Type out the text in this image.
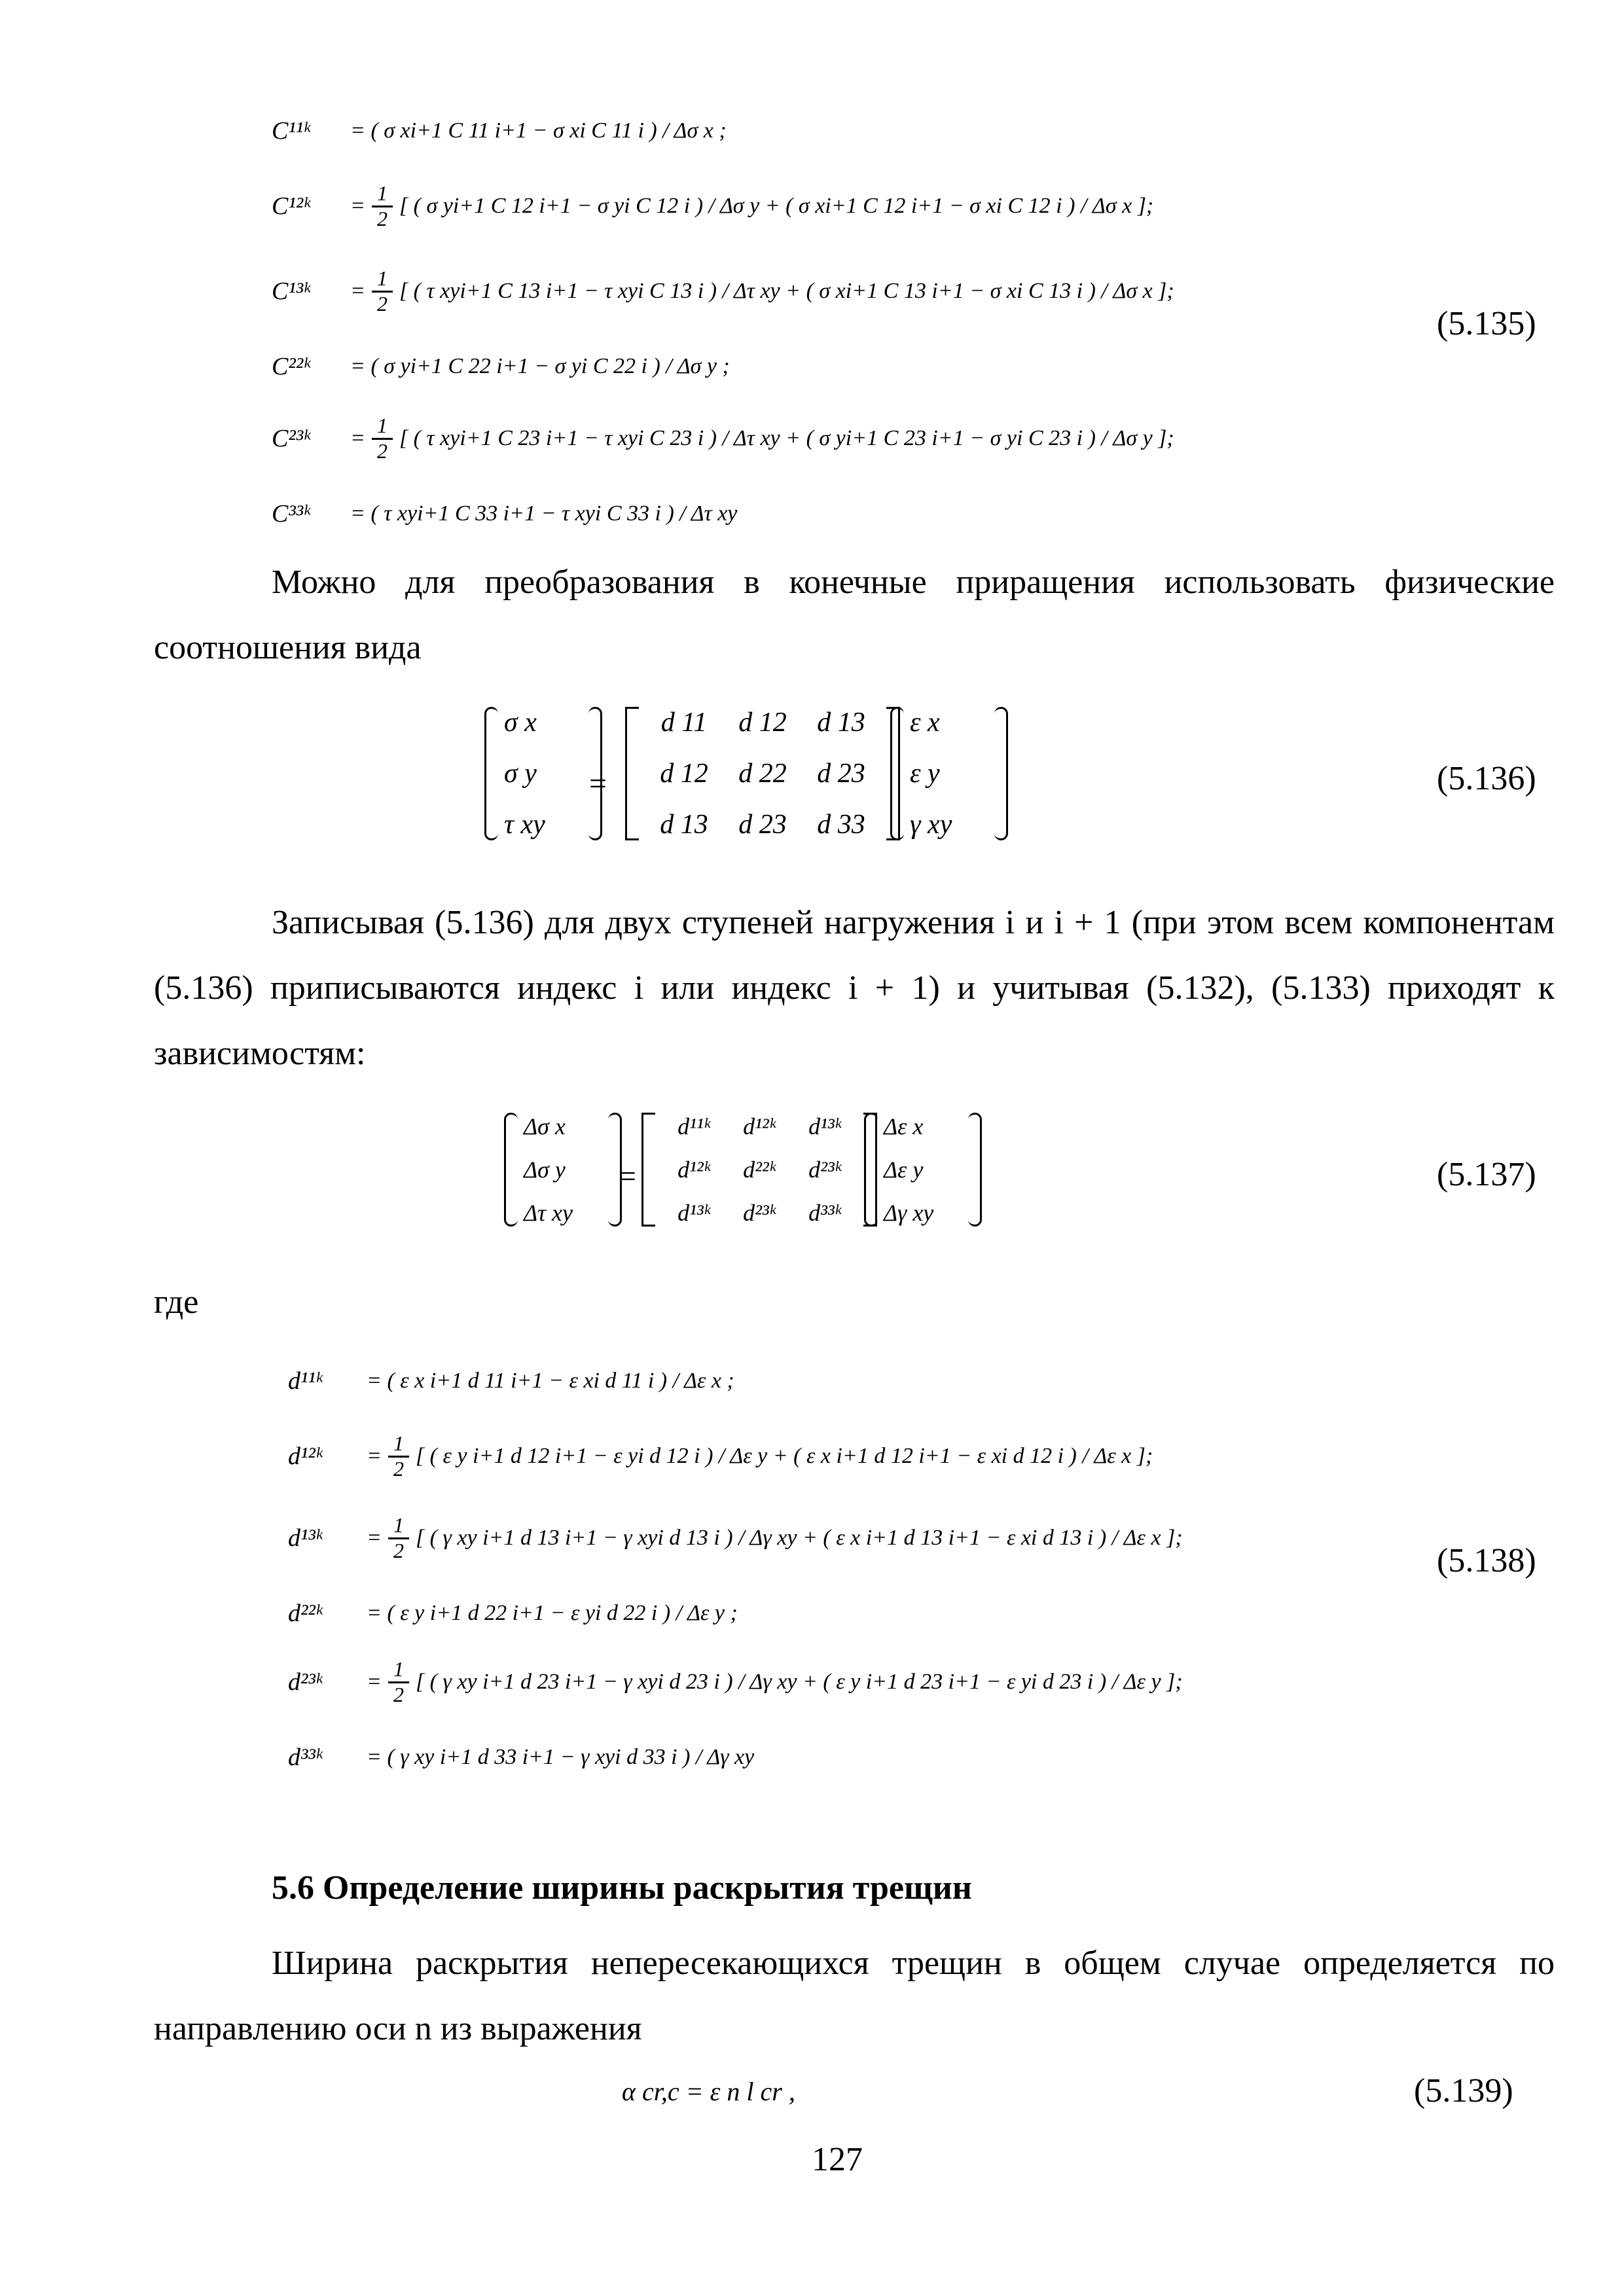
C¹¹ᵏ	= ( σ xi+1 C 11 i+1 − σ xi C 11 i ) / Δσ x ;
C¹²ᵏ	= $\frac{1}{2}$ [ ( σ yi+1 C 12 i+1 − σ yi C 12 i ) / Δσ y + ( σ xi+1 C 12 i+1 − σ xi C 12 i ) / Δσ x ];
C¹³ᵏ	= $\frac{1}{2}$ [ ( τ xyi+1 C 13 i+1 − τ xyi C 13 i ) / Δτ xy + ( σ xi+1 C 13 i+1 − σ xi C 13 i ) / Δσ x ];
C²²ᵏ	= ( σ yi+1 C 22 i+1 − σ yi C 22 i ) / Δσ y ;
C²³ᵏ	= $\frac{1}{2}$ [ ( τ xyi+1 C 23 i+1 − τ xyi C 23 i ) / Δτ xy + ( σ yi+1 C 23 i+1 − σ yi C 23 i ) / Δσ y ];
C³³ᵏ	= ( τ xyi+1 C 33 i+1 − τ xyi C 33 i ) / Δτ xy
(5.135)
Можно для преобразования в конечные приращения использовать физические соотношения вида
σ x
σ y
τ xy
=
d 11	d 12	d 13
d 12	d 22	d 23
d 13	d 23	d 33
ε x
ε y
γ xy
(5.136)
Записывая (5.136) для двух ступеней нагружения i и i + 1 (при этом всем компонентам (5.136) приписываются индекс i или индекс i + 1) и учитывая (5.132), (5.133) приходят к зависимостям:
Δσ x
Δσ y
Δτ xy
=
d¹¹ᵏ	d¹²ᵏ	d¹³ᵏ
d¹²ᵏ	d²²ᵏ	d²³ᵏ
d¹³ᵏ	d²³ᵏ	d³³ᵏ
Δε x
Δε y
Δγ xy
(5.137)
где
d¹¹ᵏ	= ( ε x i+1 d 11 i+1 − ε xi d 11 i ) / Δε x ;
d¹²ᵏ	= $\frac{1}{2}$ [ ( ε y i+1 d 12 i+1 − ε yi d 12 i ) / Δε y + ( ε x i+1 d 12 i+1 − ε xi d 12 i ) / Δε x ];
d¹³ᵏ	= $\frac{1}{2}$ [ ( γ xy i+1 d 13 i+1 − γ xyi d 13 i ) / Δγ xy + ( ε x i+1 d 13 i+1 − ε xi d 13 i ) / Δε x ];
d²²ᵏ	= ( ε y i+1 d 22 i+1 − ε yi d 22 i ) / Δε y ;
d²³ᵏ	= $\frac{1}{2}$ [ ( γ xy i+1 d 23 i+1 − γ xyi d 23 i ) / Δγ xy + ( ε y i+1 d 23 i+1 − ε yi d 23 i ) / Δε y ];
d³³ᵏ	= ( γ xy i+1 d 33 i+1 − γ xyi d 33 i ) / Δγ xy
(5.138)
5.6 Определение ширины раскрытия трещин
Ширина раскрытия непересекающихся трещин в общем случае определяется по направлению оси n из выражения
α cr,c = ε n l cr ,	(5.139)
127
